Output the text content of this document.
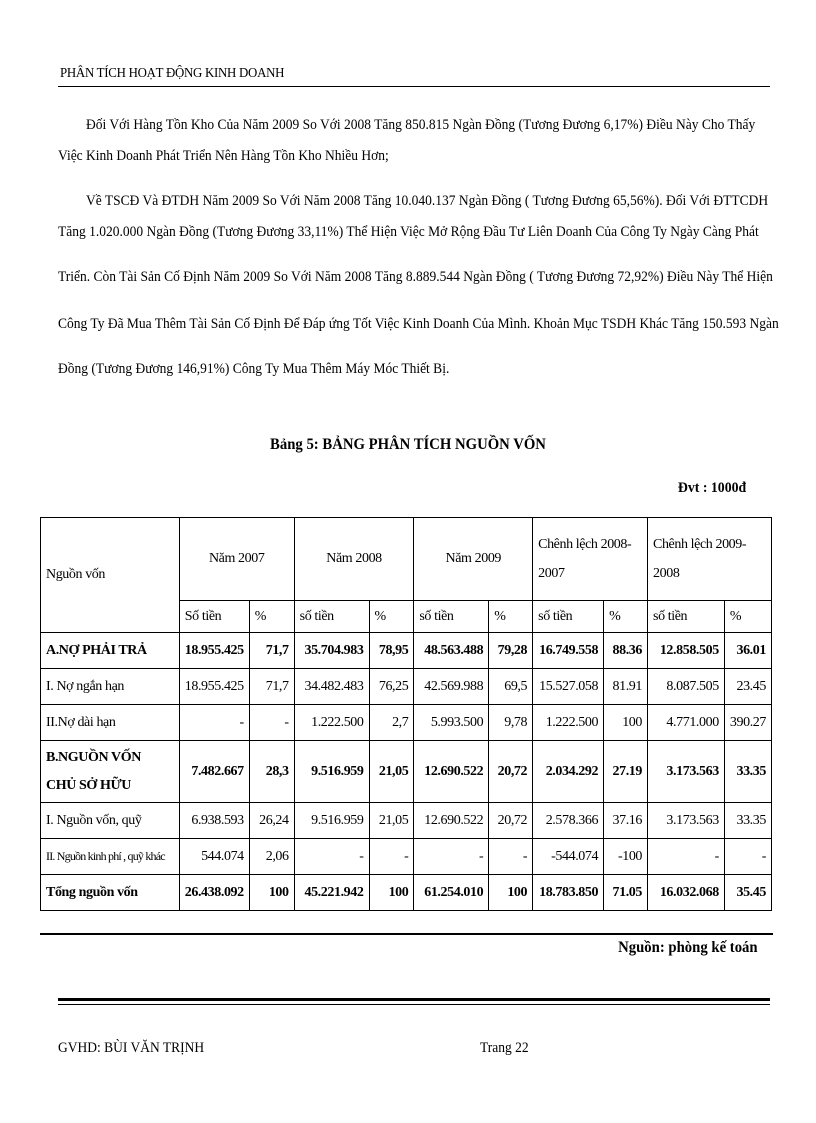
PHÂN TÍCH HOẠT ĐỘNG KINH DOANH
Đối Với Hàng Tồn Kho Của Năm 2009 So Với 2008 Tăng 850.815 Ngàn Đồng (Tương Đương 6,17%) Điều Này Cho Thấy
Việc Kinh Doanh Phát Triển Nên Hàng Tồn Kho Nhiều Hơn;
Về TSCĐ Và ĐTDH Năm 2009 So Với Năm 2008 Tăng 10.040.137 Ngàn Đồng ( Tương Đương 65,56%). Đối Với ĐTTCDH
Tăng 1.020.000 Ngàn Đồng (Tương Đương 33,11%) Thể Hiện Việc Mở Rộng Đầu Tư Liên Doanh Của Công Ty Ngày Càng Phát
Triển. Còn Tài Sản Cố Định Năm 2009 So Với Năm 2008 Tăng 8.889.544 Ngàn Đồng ( Tương Đương 72,92%) Điều Này Thể Hiện
Công Ty Đã Mua Thêm Tài Sản Cố Định Để Đáp ứng Tốt Việc Kinh Doanh Của Mình. Khoản Mục TSDH Khác Tăng 150.593 Ngàn
Đồng (Tương Đương 146,91%) Công Ty Mua Thêm Máy Móc Thiết Bị.
Bảng 5: BẢNG PHÂN TÍCH NGUỒN VỐN
Đvt : 1000đ
Nguồn vốn	Năm 2007		Năm 2008		Năm 2009		Chênh lệch 2008-2007		Chênh lệch 2009-2008	
	Số tiền	%	số tiền	%	số tiền	%	số tiền	%	số tiền	%
A.NỢ PHẢI TRẢ	18.955.425	71,7	35.704.983	78,95	48.563.488	79,28	16.749.558	88.36	12.858.505	36.01
I. Nợ ngắn hạn	18.955.425	71,7	34.482.483	76,25	42.569.988	69,5	15.527.058	81.91	8.087.505	23.45
II.Nợ dài hạn	-	-	1.222.500	2,7	5.993.500	9,78	1.222.500	100	4.771.000	390.27
B.NGUỒN VỐN CHỦ SỞ HỮU	7.482.667	28,3	9.516.959	21,05	12.690.522	20,72	2.034.292	27.19	3.173.563	33.35
I. Nguồn vốn, quỹ	6.938.593	26,24	9.516.959	21,05	12.690.522	20,72	2.578.366	37.16	3.173.563	33.35
II. Nguồn kinh phí , quỹ khác	544.074	2,06	-	-	-	-	-544.074	-100	-	-
Tổng nguồn vốn	26.438.092	100	45.221.942	100	61.254.010	100	18.783.850	71.05	16.032.068	35.45
Nguồn: phòng kế toán
GVHD: BÙI VĂN TRỊNH	Trang 22
